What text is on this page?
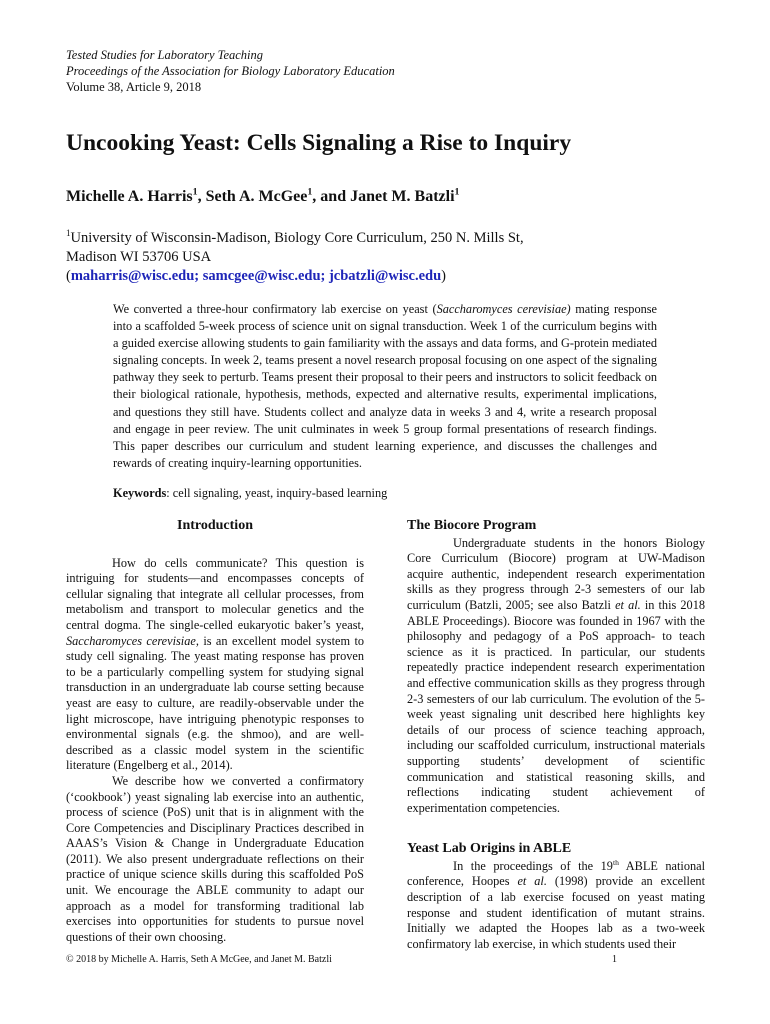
Tested Studies for Laboratory Teaching
Proceedings of the Association for Biology Laboratory Education
Volume 38, Article 9, 2018
Uncooking Yeast: Cells Signaling a Rise to Inquiry
Michelle A. Harris$^1$, Seth A. McGee$^1$, and Janet M. Batzli$^1$
$^1$University of Wisconsin-Madison, Biology Core Curriculum, 250 N. Mills St,
Madison WI 53706 USA
(maharris@wisc.edu; samcgee@wisc.edu; jcbatzli@wisc.edu)

We converted a three-hour confirmatory lab exercise on yeast (Saccharomyces cerevisiae) mating response into a scaffolded 5-week process of science unit on signal transduction. Week 1 of the curriculum begins with a guided exercise allowing students to gain familiarity with the assays and data forms, and G-protein mediated signaling concepts. In week 2, teams present a novel research proposal focusing on one aspect of the signaling pathway they seek to perturb. Teams present their proposal to their peers and instructors to solicit feedback on their biological rationale, hypothesis, methods, expected and alternative results, experimental implications, and questions they still have. Students collect and analyze data in weeks 3 and 4, write a research proposal and engage in peer review. The unit culminates in week 5 group formal presentations of research findings. This paper describes our curriculum and student learning experience, and discusses the challenges and rewards of creating inquiry-learning opportunities.

Keywords: cell signaling, yeast, inquiry-based learning
Introduction

How do cells communicate? This question is intriguing for students—and encompasses concepts of cellular signaling that integrate all cellular processes, from metabolism and transport to molecular genetics and the central dogma. The single-celled eukaryotic baker’s yeast, Saccharomyces cerevisiae, is an excellent model system to study cell signaling. The yeast mating response has proven to be a particularly compelling system for studying signal transduction in an undergraduate lab course setting because yeast are easy to culture, are readily-observable under the light microscope, have intriguing phenotypic responses to environmental signals (e.g. the shmoo), and are well-described as a classic model system in the scientific literature (Engelberg et al., 2014).

We describe how we converted a confirmatory (‘cookbook’) yeast signaling lab exercise into an authentic, process of science (PoS) unit that is in alignment with the Core Competencies and Disciplinary Practices described in AAAS’s Vision & Change in Undergraduate Education (2011). We also present undergraduate reflections on their practice of unique science skills during this scaffolded PoS unit. We encourage the ABLE community to adapt our approach as a model for transforming traditional lab exercises into opportunities for students to pursue novel questions of their own choosing.

The Biocore Program

Undergraduate students in the honors Biology Core Curriculum (Biocore) program at UW-Madison acquire authentic, independent research experimentation skills as they progress through 2-3 semesters of our lab curriculum (Batzli, 2005; see also Batzli et al. in this 2018 ABLE Proceedings). Biocore was founded in 1967 with the philosophy and pedagogy of a PoS approach- to teach science as it is practiced. In particular, our students repeatedly practice independent research experimentation and effective communication skills as they progress through 2-3 semesters of our lab curriculum. The evolution of the 5-week yeast signaling unit described here highlights key details of our process of science teaching approach, including our scaffolded curriculum, instructional materials supporting students’ development of scientific communication and statistical reasoning skills, and reflections indicating student achievement of experimentation competencies.

Yeast Lab Origins in ABLE

In the proceedings of the 19th ABLE national conference, Hoopes et al. (1998) provide an excellent description of a lab exercise focused on yeast mating response and student identification of mutant strains. Initially we adapted the Hoopes lab as a two-week confirmatory lab exercise, in which students used their

© 2018 by Michelle A. Harris, Seth A McGee, and Janet M. Batzli	1
